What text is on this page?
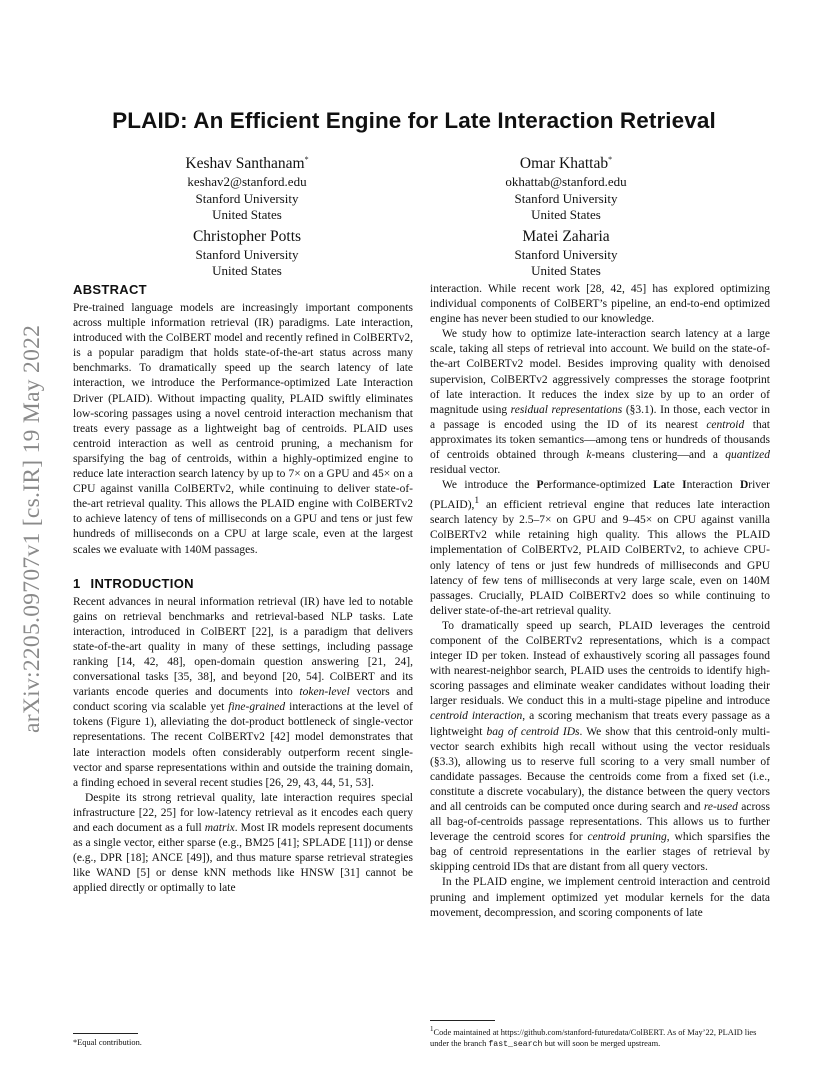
arXiv:2205.09707v1 [cs.IR] 19 May 2022
PLAID: An Efficient Engine for Late Interaction Retrieval
Keshav Santhanam*
keshav2@stanford.edu
Stanford University
United States
Omar Khattab*
okhattab@stanford.edu
Stanford University
United States
Christopher Potts
Stanford University
United States
Matei Zaharia
Stanford University
United States
ABSTRACT

Pre-trained language models are increasingly important components across multiple information retrieval (IR) paradigms. Late interaction, introduced with the ColBERT model and recently refined in ColBERTv2, is a popular paradigm that holds state-of-the-art status across many benchmarks. To dramatically speed up the search latency of late interaction, we introduce the Performance-optimized Late Interaction Driver (PLAID). Without impacting quality, PLAID swiftly eliminates low-scoring passages using a novel centroid interaction mechanism that treats every passage as a lightweight bag of centroids. PLAID uses centroid interaction as well as centroid pruning, a mechanism for sparsifying the bag of centroids, within a highly-optimized engine to reduce late interaction search latency by up to 7× on a GPU and 45× on a CPU against vanilla ColBERTv2, while continuing to deliver state-of-the-art retrieval quality. This allows the PLAID engine with ColBERTv2 to achieve latency of tens of milliseconds on a GPU and tens or just few hundreds of milliseconds on a CPU at large scale, even at the largest scales we evaluate with 140M passages.

1 INTRODUCTION

Recent advances in neural information retrieval (IR) have led to notable gains on retrieval benchmarks and retrieval-based NLP tasks. Late interaction, introduced in ColBERT [22], is a paradigm that delivers state-of-the-art quality in many of these settings, including passage ranking [14, 42, 48], open-domain question answering [21, 24], conversational tasks [35, 38], and beyond [20, 54]. ColBERT and its variants encode queries and documents into token-level vectors and conduct scoring via scalable yet fine-grained interactions at the level of tokens (Figure 1), alleviating the dot-product bottleneck of single-vector representations. The recent ColBERTv2 [42] model demonstrates that late interaction models often considerably outperform recent single-vector and sparse representations within and outside the training domain, a finding echoed in several recent studies [26, 29, 43, 44, 51, 53].

Despite its strong retrieval quality, late interaction requires special infrastructure [22, 25] for low-latency retrieval as it encodes each query and each document as a full matrix. Most IR models represent documents as a single vector, either sparse (e.g., BM25 [41]; SPLADE [11]) or dense (e.g., DPR [18]; ANCE [49]), and thus mature sparse retrieval strategies like WAND [5] or dense kNN methods like HNSW [31] cannot be applied directly or optimally to late

interaction. While recent work [28, 42, 45] has explored optimizing individual components of ColBERT’s pipeline, an end-to-end optimized engine has never been studied to our knowledge.

We study how to optimize late-interaction search latency at a large scale, taking all steps of retrieval into account. We build on the state-of-the-art ColBERTv2 model. Besides improving quality with denoised supervision, ColBERTv2 aggressively compresses the storage footprint of late interaction. It reduces the index size by up to an order of magnitude using residual representations (§3.1). In those, each vector in a passage is encoded using the ID of its nearest centroid that approximates its token semantics—among tens or hundreds of thousands of centroids obtained through k-means clustering—and a quantized residual vector.

We introduce the Performance-optimized Late Interaction Driver (PLAID),$^1$ an efficient retrieval engine that reduces late interaction search latency by 2.5–7× on GPU and 9–45× on CPU against vanilla ColBERTv2 while retaining high quality. This allows the PLAID implementation of ColBERTv2, PLAID ColBERTv2, to achieve CPU-only latency of tens or just few hundreds of milliseconds and GPU latency of few tens of milliseconds at very large scale, even on 140M passages. Crucially, PLAID ColBERTv2 does so while continuing to deliver state-of-the-art retrieval quality.

To dramatically speed up search, PLAID leverages the centroid component of the ColBERTv2 representations, which is a compact integer ID per token. Instead of exhaustively scoring all passages found with nearest-neighbor search, PLAID uses the centroids to identify high-scoring passages and eliminate weaker candidates without loading their larger residuals. We conduct this in a multi-stage pipeline and introduce centroid interaction, a scoring mechanism that treats every passage as a lightweight bag of centroid IDs. We show that this centroid-only multi-vector search exhibits high recall without using the vector residuals (§3.3), allowing us to reserve full scoring to a very small number of candidate passages. Because the centroids come from a fixed set (i.e., constitute a discrete vocabulary), the distance between the query vectors and all centroids can be computed once during search and re-used across all bag-of-centroids passage representations. This allows us to further leverage the centroid scores for centroid pruning, which sparsifies the bag of centroid representations in the earlier stages of retrieval by skipping centroid IDs that are distant from all query vectors.

In the PLAID engine, we implement centroid interaction and centroid pruning and implement optimized yet modular kernels for the data movement, decompression, and scoring components of late

*Equal contribution.
$^1$Code maintained at https://github.com/stanford-futuredata/ColBERT. As of May’22, PLAID lies under the branch fast_search but will soon be merged upstream.
